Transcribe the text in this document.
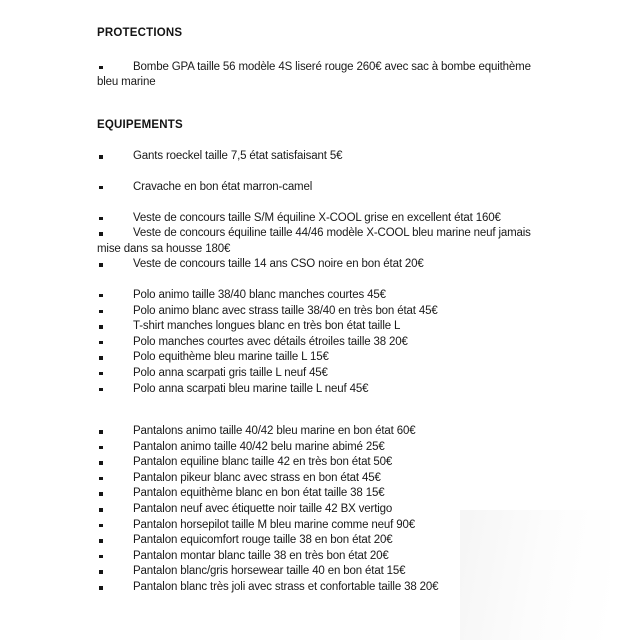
PROTECTIONS
Bombe GPA taille 56 modèle 4S liseré rouge 260€ avec sac à bombe equithème
bleu marine
EQUIPEMENTS
Gants roeckel taille 7,5 état satisfaisant 5€
Cravache en bon état marron-camel
Veste de concours taille S/M équiline X-COOL grise en excellent état 160€
Veste de concours équiline taille 44/46 modèle X-COOL bleu marine neuf jamais
mise dans sa housse 180€
Veste de concours taille 14 ans CSO noire en bon état 20€
Polo animo taille 38/40 blanc manches courtes 45€
Polo animo blanc avec strass taille 38/40 en très bon état 45€
T-shirt manches longues blanc en très bon état taille L
Polo manches courtes avec détails étroiles taille 38 20€
Polo equithème bleu marine taille L 15€
Polo anna scarpati gris taille L neuf 45€
Polo anna scarpati bleu marine taille L neuf 45€
Pantalons animo taille 40/42 bleu marine en bon état 60€
Pantalon animo taille 40/42 belu marine abimé 25€
Pantalon equiline blanc taille 42 en très bon état 50€
Pantalon pikeur blanc avec strass en bon état 45€
Pantalon equithème blanc en bon état taille 38 15€
Pantalon neuf avec étiquette noir taille 42 BX vertigo
Pantalon horsepilot taille M bleu marine comme neuf 90€
Pantalon equicomfort rouge taille 38 en bon état 20€
Pantalon montar blanc taille 38 en très bon état 20€
Pantalon blanc/gris horsewear taille 40 en bon état 15€
Pantalon blanc très joli avec strass et confortable taille 38 20€
